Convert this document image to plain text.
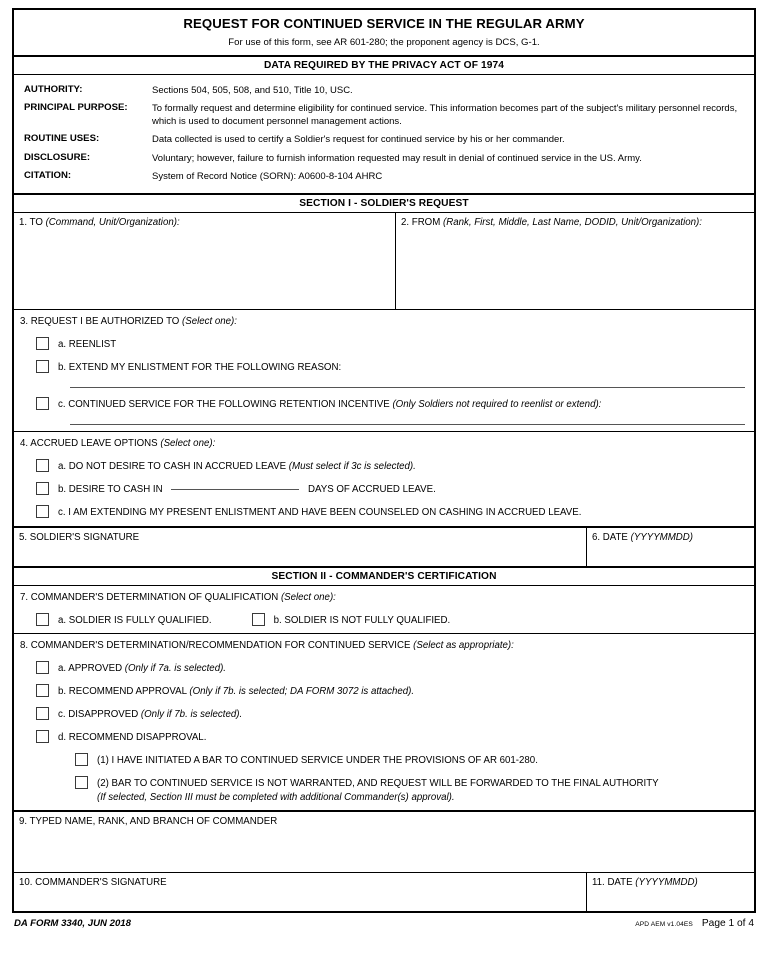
REQUEST FOR CONTINUED SERVICE IN THE REGULAR ARMY
For use of this form, see AR 601-280; the proponent agency is DCS, G-1.
DATA REQUIRED BY THE PRIVACY ACT OF 1974
AUTHORITY:	Sections 504, 505, 508, and 510, Title 10, USC.
PRINCIPAL PURPOSE:	To formally request and determine eligibility for continued service. This information becomes part of the subject's military personnel records, which is used to document personnel management actions.
ROUTINE USES:	Data collected is used to certify a Soldier's request for continued service by his or her commander.
DISCLOSURE:	Voluntary; however, failure to furnish information requested may result in denial of continued service in the US. Army.
CITATION:	System of Record Notice (SORN): A0600-8-104 AHRC
SECTION I - SOLDIER'S REQUEST
1. TO (Command, Unit/Organization):	2. FROM (Rank, First, Middle, Last Name, DODID, Unit/Organization):
3. REQUEST I BE AUTHORIZED TO (Select one):
a. REENLIST
b. EXTEND MY ENLISTMENT FOR THE FOLLOWING REASON:
c. CONTINUED SERVICE FOR THE FOLLOWING RETENTION INCENTIVE (Only Soldiers not required to reenlist or extend):
4. ACCRUED LEAVE OPTIONS (Select one):
a. DO NOT DESIRE TO CASH IN ACCRUED LEAVE (Must select if 3c is selected).
b. DESIRE TO CASH IN	DAYS OF ACCRUED LEAVE.
c. I AM EXTENDING MY PRESENT ENLISTMENT AND HAVE BEEN COUNSELED ON CASHING IN ACCRUED LEAVE.
5. SOLDIER'S SIGNATURE	6. DATE (YYYYMMDD)
SECTION II - COMMANDER'S CERTIFICATION
7. COMMANDER'S DETERMINATION OF QUALIFICATION (Select one):
a. SOLDIER IS FULLY QUALIFIED.	b. SOLDIER IS NOT FULLY QUALIFIED.
8. COMMANDER'S DETERMINATION/RECOMMENDATION FOR CONTINUED SERVICE (Select as appropriate):
a. APPROVED (Only if 7a. is selected).
b. RECOMMEND APPROVAL (Only if 7b. is selected; DA FORM 3072 is attached).
c. DISAPPROVED (Only if 7b. is selected).
d. RECOMMEND DISAPPROVAL.
(1) I HAVE INITIATED A BAR TO CONTINUED SERVICE UNDER THE PROVISIONS OF AR 601-280.
(2) BAR TO CONTINUED SERVICE IS NOT WARRANTED, AND REQUEST WILL BE FORWARDED TO THE FINAL AUTHORITY
(If selected, Section III must be completed with additional Commander(s) approval).
9. TYPED NAME, RANK, AND BRANCH OF COMMANDER
10. COMMANDER'S SIGNATURE	11. DATE (YYYYMMDD)
DA FORM 3340, JUN 2018	APD AEM v1.04ES Page 1 of 4
